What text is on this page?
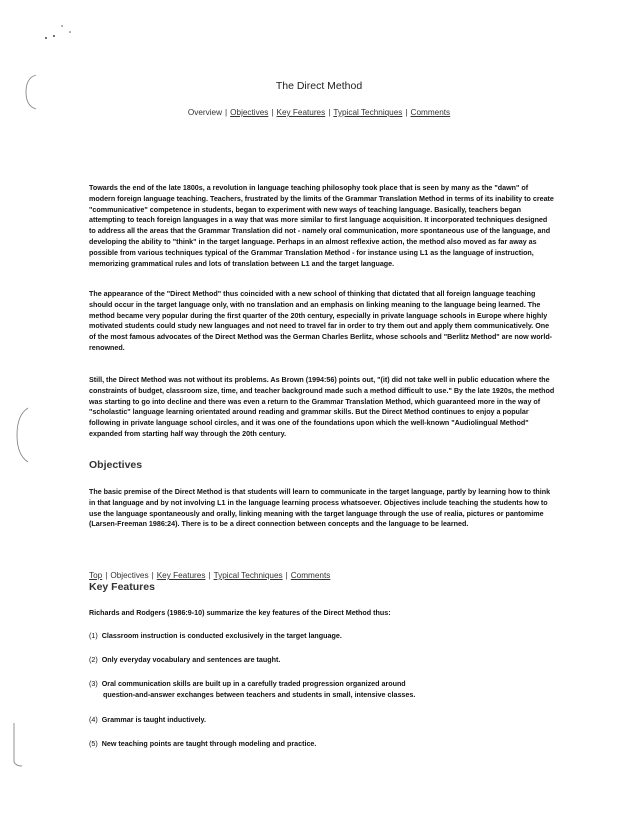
The Direct Method
Overview | Objectives | Key Features | Typical Techniques | Comments

Towards the end of the late 1800s, a revolution in language teaching philosophy took place that is seen by many as the "dawn" of modern foreign language teaching. Teachers, frustrated by the limits of the Grammar Translation Method in terms of its inability to create "communicative" competence in students, began to experiment with new ways of teaching language. Basically, teachers began attempting to teach foreign languages in a way that was more similar to first language acquisition. It incorporated techniques designed to address all the areas that the Grammar Translation did not - namely oral communication, more spontaneous use of the language, and developing the ability to "think" in the target language. Perhaps in an almost reflexive action, the method also moved as far away as possible from various techniques typical of the Grammar Translation Method - for instance using L1 as the language of instruction, memorizing grammatical rules and lots of translation between L1 and the target language.

The appearance of the "Direct Method" thus coincided with a new school of thinking that dictated that all foreign language teaching should occur in the target language only, with no translation and an emphasis on linking meaning to the language being learned. The method became very popular during the first quarter of the 20th century, especially in private language schools in Europe where highly motivated students could study new languages and not need to travel far in order to try them out and apply them communicatively. One of the most famous advocates of the Direct Method was the German Charles Berlitz, whose schools and "Berlitz Method" are now world-renowned.

Still, the Direct Method was not without its problems. As Brown (1994:56) points out, "(it) did not take well in public education where the constraints of budget, classroom size, time, and teacher background made such a method difficult to use." By the late 1920s, the method was starting to go into decline and there was even a return to the Grammar Translation Method, which guaranteed more in the way of "scholastic" language learning orientated around reading and grammar skills. But the Direct Method continues to enjoy a popular following in private language school circles, and it was one of the foundations upon which the well-known "Audiolingual Method" expanded from starting half way through the 20th century.

Objectives

The basic premise of the Direct Method is that students will learn to communicate in the target language, partly by learning how to think in that language and by not involving L1 in the language learning process whatsoever. Objectives include teaching the students how to use the language spontaneously and orally, linking meaning with the target language through the use of realia, pictures or pantomime (Larsen-Freeman 1986:24). There is to be a direct connection between concepts and the language to be learned.

Top | Objectives | Key Features | Typical Techniques | Comments
Key Features

Richards and Rodgers (1986:9-10) summarize the key features of the Direct Method thus:

(1) Classroom instruction is conducted exclusively in the target language.

(2) Only everyday vocabulary and sentences are taught.

(3) Oral communication skills are built up in a carefully traded progression organized around
question-and-answer exchanges between teachers and students in small, intensive classes.

(4) Grammar is taught inductively.

(5) New teaching points are taught through modeling and practice.
